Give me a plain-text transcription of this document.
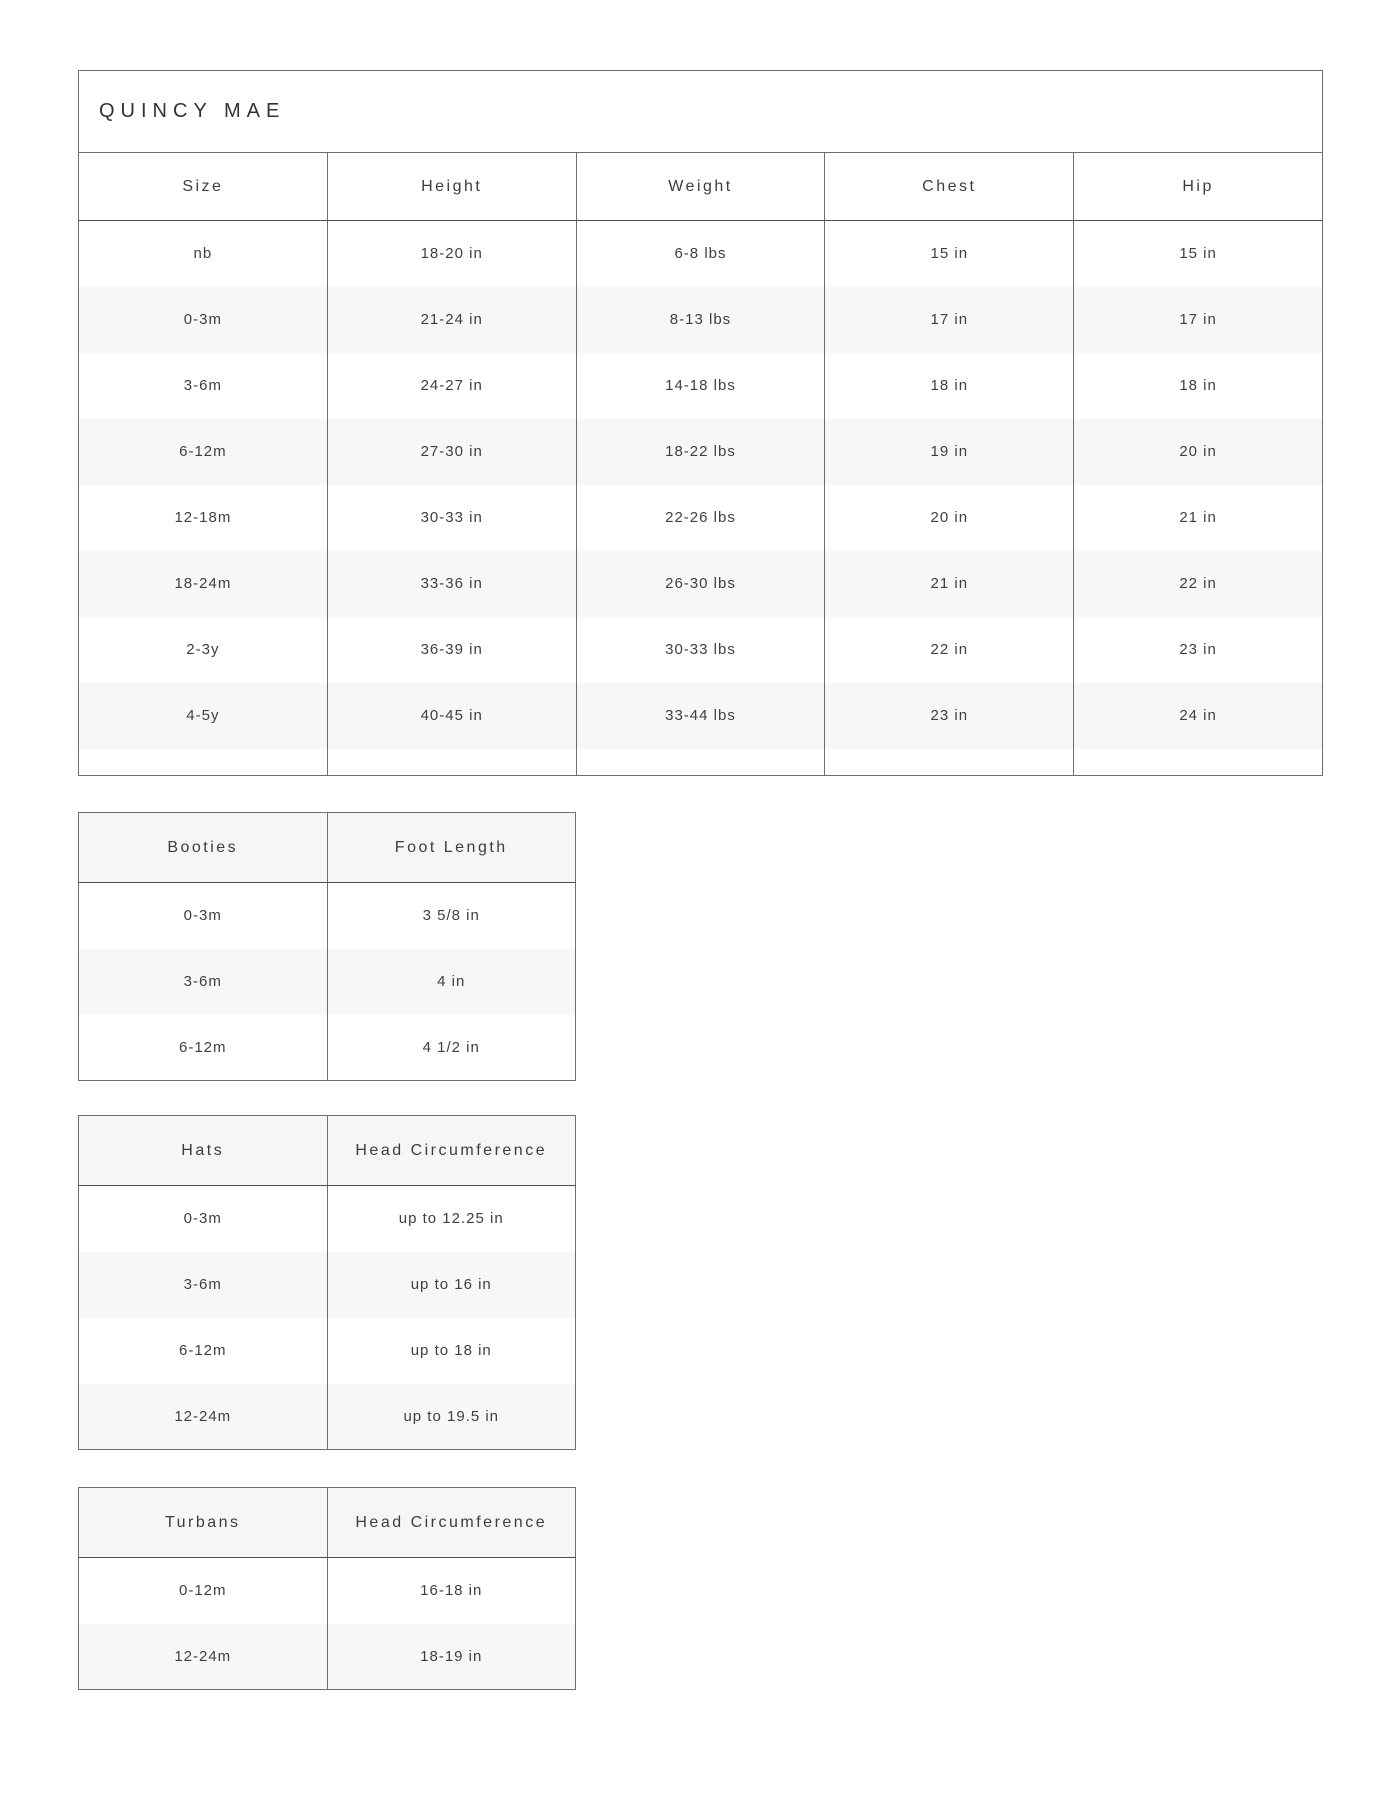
QUINCY MAE				
Size	Height	Weight	Chest	Hip
nb	18-20 in	6-8 lbs	15 in	15 in
0-3m	21-24 in	8-13 lbs	17 in	17 in
3-6m	24-27 in	14-18 lbs	18 in	18 in
6-12m	27-30 in	18-22 lbs	19 in	20 in
12-18m	30-33 in	22-26 lbs	20 in	21 in
18-24m	33-36 in	26-30 lbs	21 in	22 in
2-3y	36-39 in	30-33 lbs	22 in	23 in
4-5y	40-45 in	33-44 lbs	23 in	24 in

Booties	Foot Length
0-3m	3 5/8 in
3-6m	4 in
6-12m	4 1/2 in
Hats	Head Circumference
0-3m	up to 12.25 in
3-6m	up to 16 in
6-12m	up to 18 in
12-24m	up to 19.5 in
Turbans	Head Circumference
0-12m	16-18 in
12-24m	18-19 in
